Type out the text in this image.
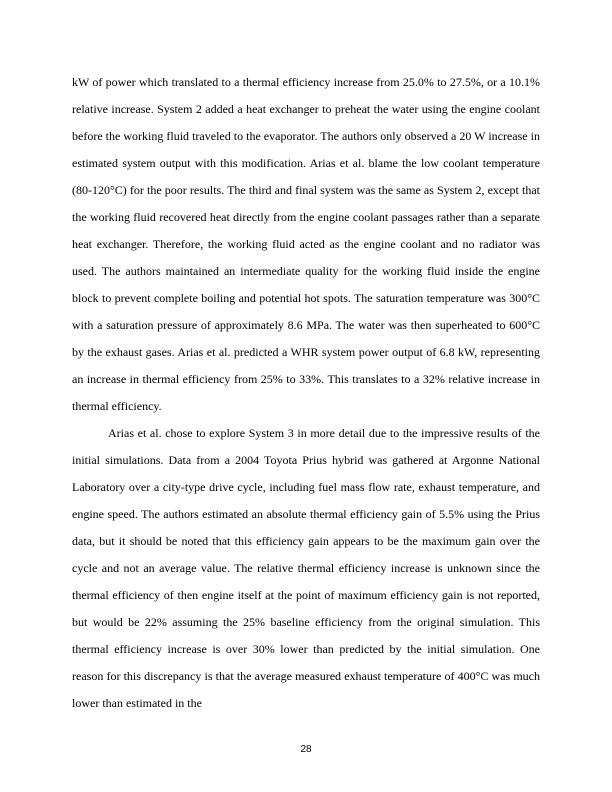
kW of power which translated to a thermal efficiency increase from 25.0% to 27.5%, or a 10.1% relative increase. System 2 added a heat exchanger to preheat the water using the engine coolant before the working fluid traveled to the evaporator. The authors only observed a 20 W increase in estimated system output with this modification. Arias et al. blame the low coolant temperature (80-120°C) for the poor results. The third and final system was the same as System 2, except that the working fluid recovered heat directly from the engine coolant passages rather than a separate heat exchanger. Therefore, the working fluid acted as the engine coolant and no radiator was used. The authors maintained an intermediate quality for the working fluid inside the engine block to prevent complete boiling and potential hot spots. The saturation temperature was 300°C with a saturation pressure of approximately 8.6 MPa. The water was then superheated to 600°C by the exhaust gases. Arias et al. predicted a WHR system power output of 6.8 kW, representing an increase in thermal efficiency from 25% to 33%. This translates to a 32% relative increase in thermal efficiency.

Arias et al. chose to explore System 3 in more detail due to the impressive results of the initial simulations. Data from a 2004 Toyota Prius hybrid was gathered at Argonne National Laboratory over a city-type drive cycle, including fuel mass flow rate, exhaust temperature, and engine speed. The authors estimated an absolute thermal efficiency gain of 5.5% using the Prius data, but it should be noted that this efficiency gain appears to be the maximum gain over the cycle and not an average value. The relative thermal efficiency increase is unknown since the thermal efficiency of then engine itself at the point of maximum efficiency gain is not reported, but would be 22% assuming the 25% baseline efficiency from the original simulation. This thermal efficiency increase is over 30% lower than predicted by the initial simulation. One reason for this discrepancy is that the average measured exhaust temperature of 400°C was much lower than estimated in the

28
